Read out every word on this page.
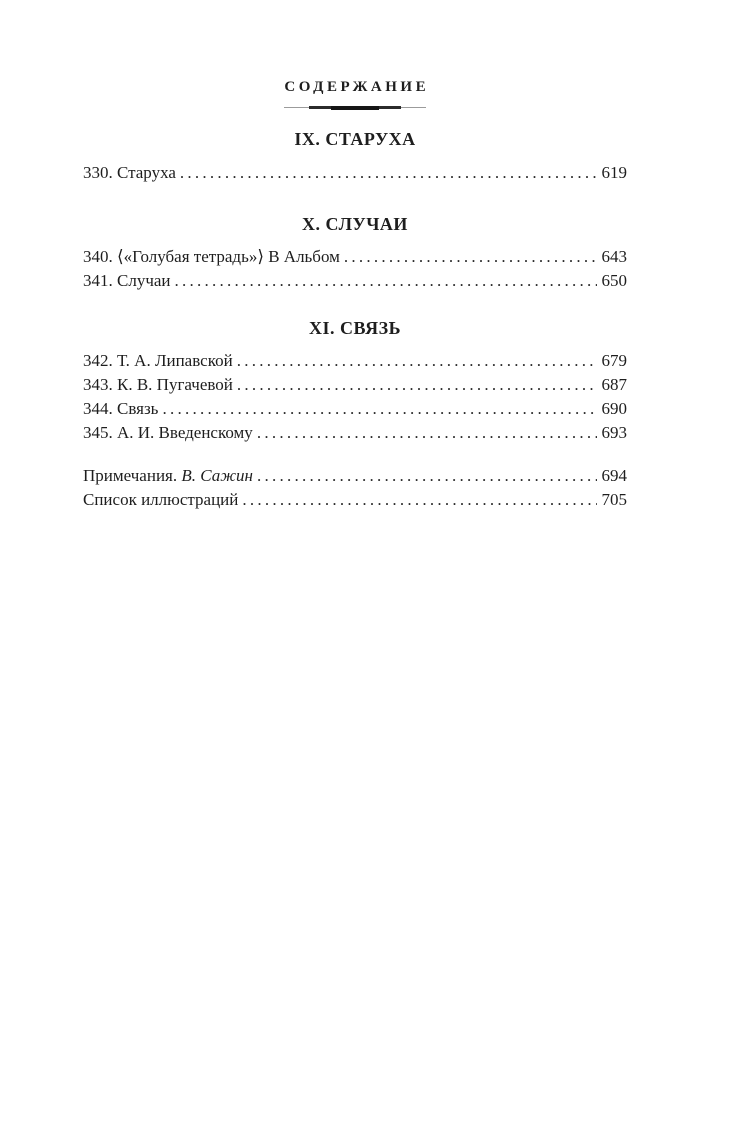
СОДЕРЖАНИЕ
IX. СТАРУХА
330. Старуха . . .	619
X. СЛУЧАИ
340. ⟨«Голубая тетрадь»⟩ В Альбом . . .	643
341. Случаи . . .	650
XI. СВЯЗЬ
342. Т. А. Липавской . . .	679
343. К. В. Пугачевой . . .	687
344. Связь . . .	690
345. А. И. Введенскому . . .	693
Примечания. В. Сажин . . .	694
Список иллюстраций . . .	705
